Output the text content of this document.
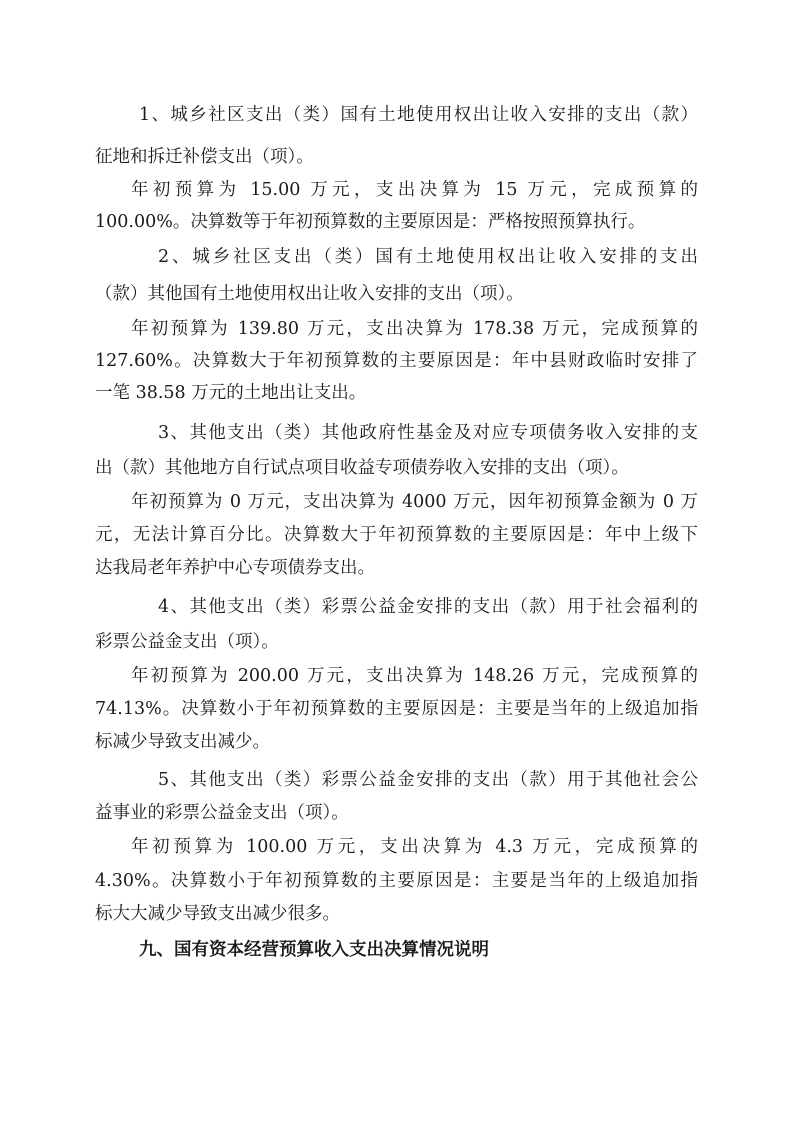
1、城乡社区支出（类）国有土地使用权出让收入安排的支出（款）
征地和拆迁补偿支出（项）。
年初预算为 15.00 万元，支出决算为 15 万元，完成预算的
100.00%。决算数等于年初预算数的主要原因是：严格按照预算执行。
2、城乡社区支出（类）国有土地使用权出让收入安排的支出
（款）其他国有土地使用权出让收入安排的支出（项）。
年初预算为 139.80 万元，支出决算为 178.38 万元，完成预算的
127.60%。决算数大于年初预算数的主要原因是：年中县财政临时安排了
一笔 38.58 万元的土地出让支出。
3、其他支出（类）其他政府性基金及对应专项债务收入安排的支
出（款）其他地方自行试点项目收益专项债券收入安排的支出（项）。
年初预算为 0 万元，支出决算为 4000 万元，因年初预算金额为 0 万
元，无法计算百分比。决算数大于年初预算数的主要原因是：年中上级下
达我局老年养护中心专项债券支出。
4、其他支出（类）彩票公益金安排的支出（款）用于社会福利的
彩票公益金支出（项）。
年初预算为 200.00 万元，支出决算为 148.26 万元，完成预算的
74.13%。决算数小于年初预算数的主要原因是：主要是当年的上级追加指
标减少导致支出减少。
5、其他支出（类）彩票公益金安排的支出（款）用于其他社会公
益事业的彩票公益金支出（项）。
年初预算为 100.00 万元，支出决算为 4.3 万元，完成预算的
4.30%。决算数小于年初预算数的主要原因是：主要是当年的上级追加指
标大大减少导致支出减少很多。
九、国有资本经营预算收入支出决算情况说明
